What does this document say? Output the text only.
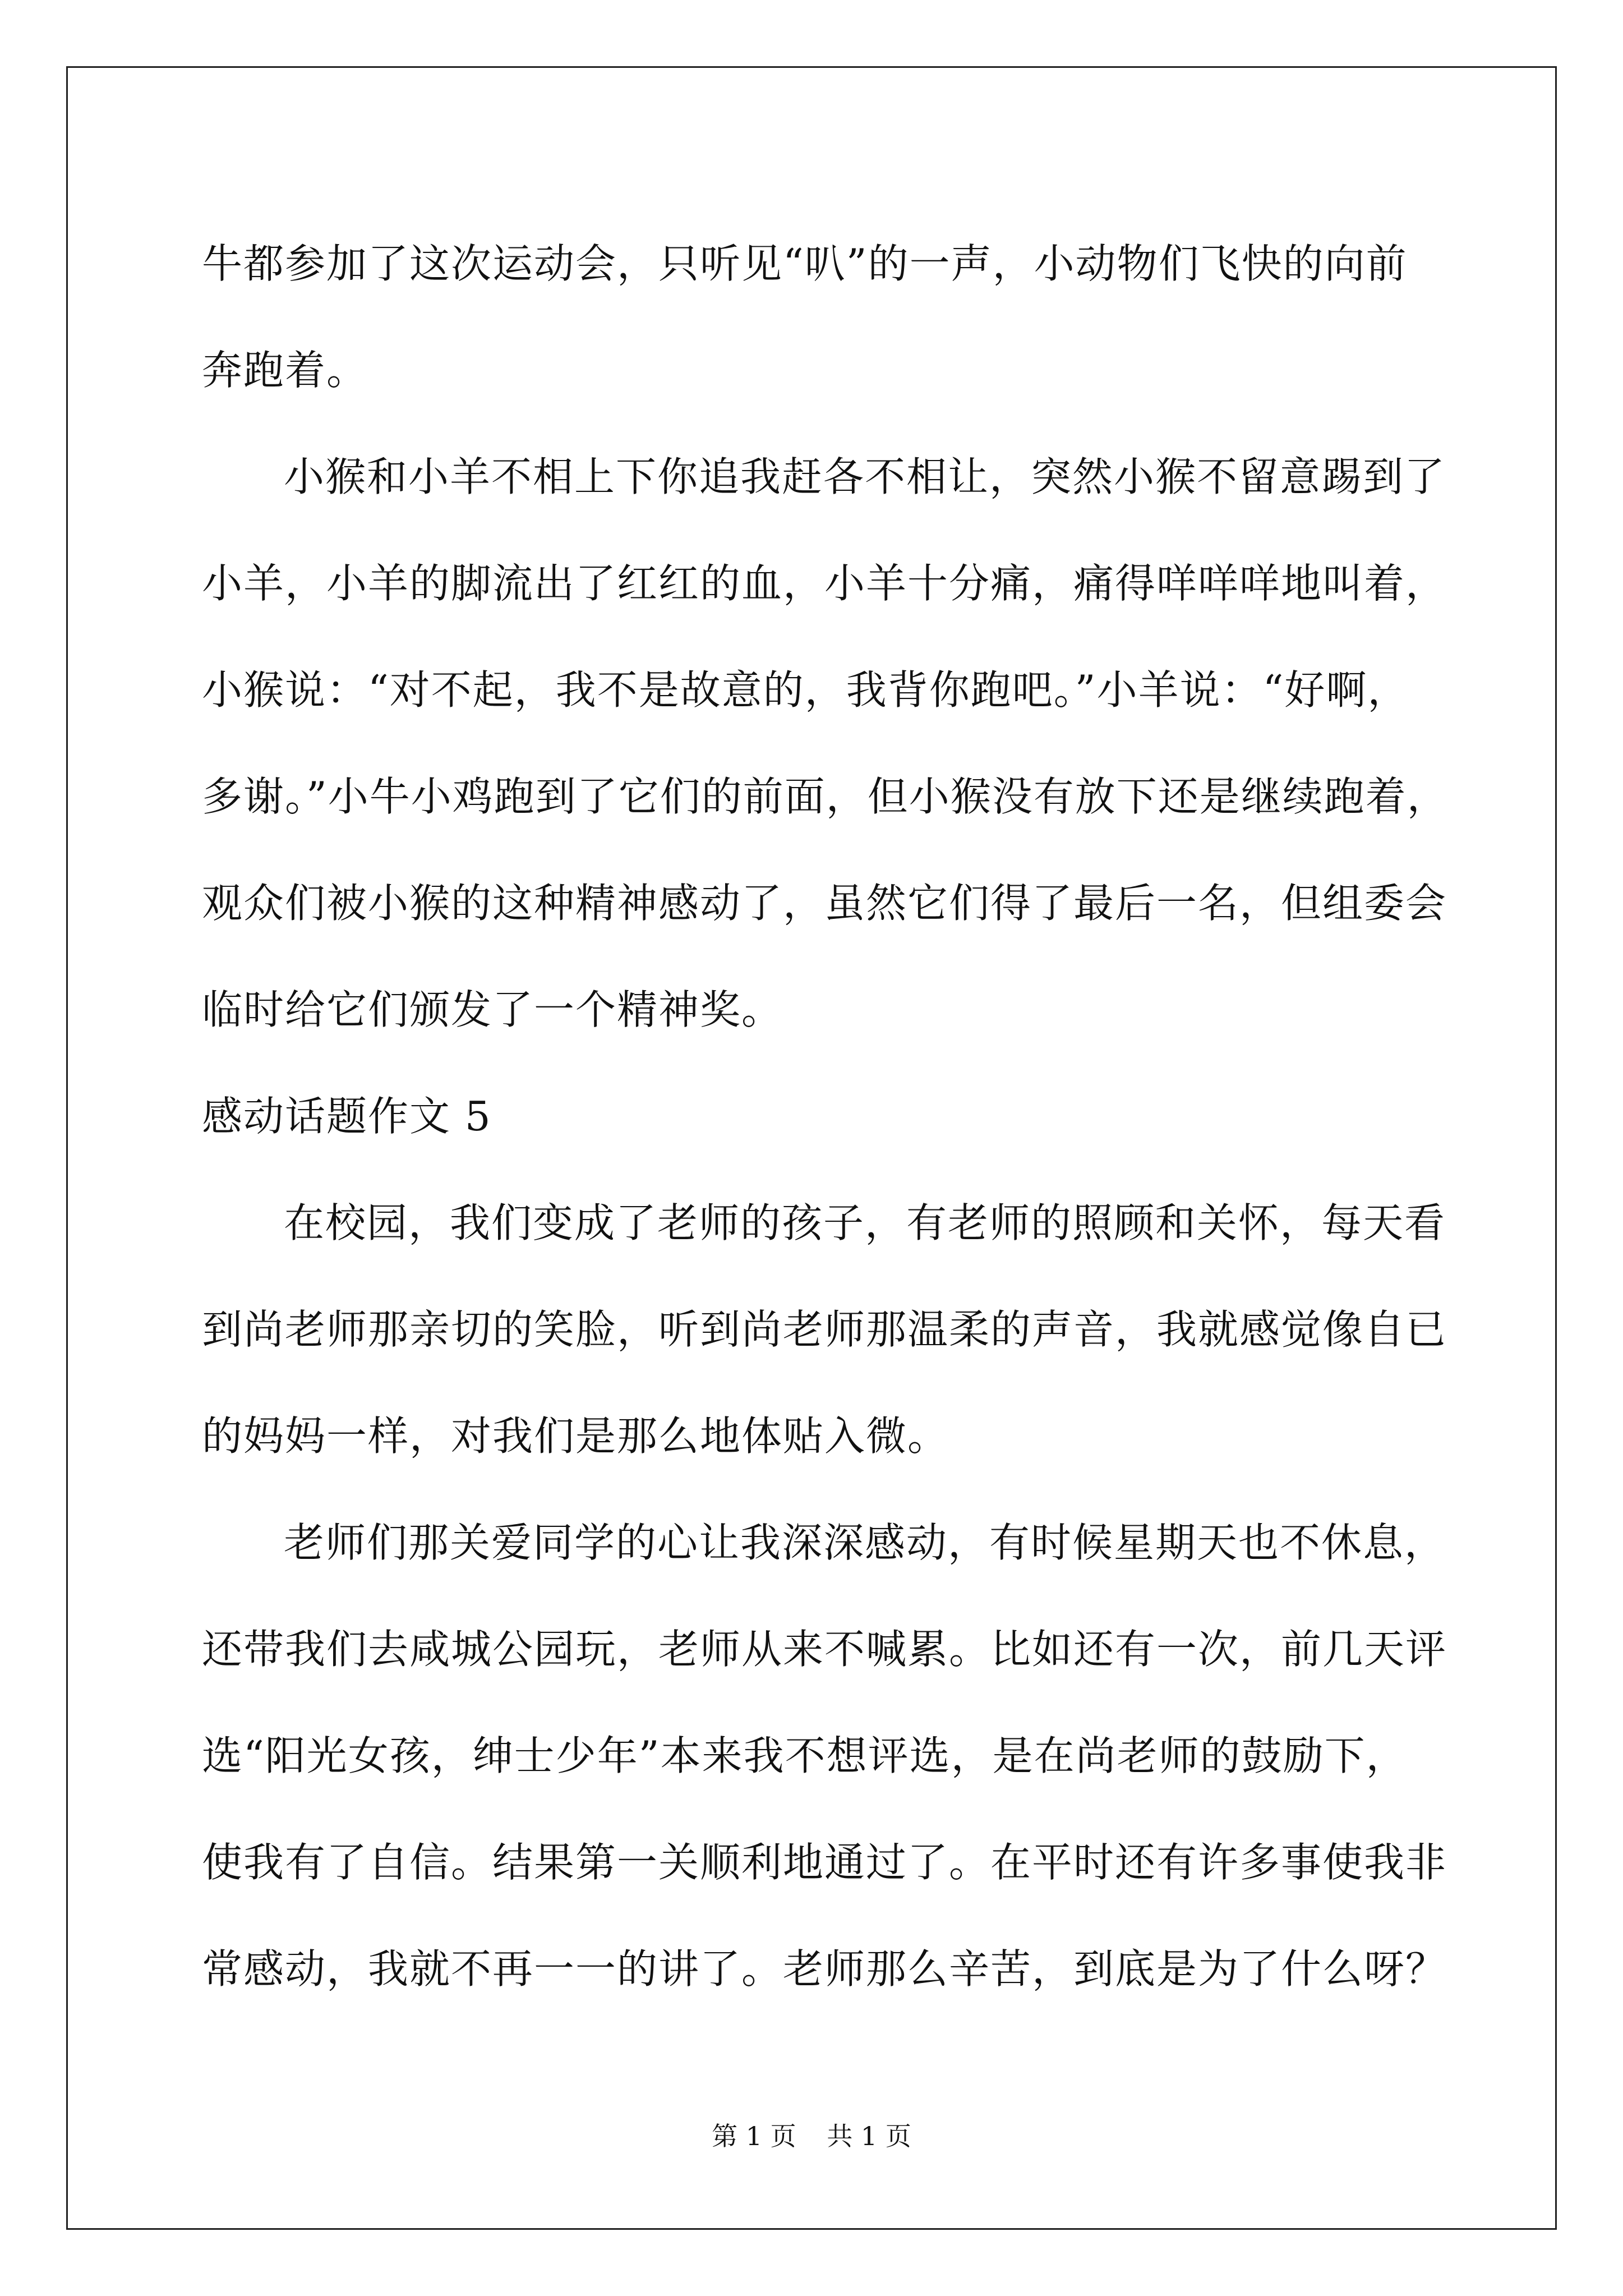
牛都参加了这次运动会，只听见“叭”的一声，小动物们飞快的向前
奔跑着。
小猴和小羊不相上下你追我赶各不相让，突然小猴不留意踢到了
小羊，小羊的脚流出了红红的血，小羊十分痛，痛得咩咩咩地叫着，
小猴说：“对不起，我不是故意的，我背你跑吧。”小羊说：“好啊，
多谢。”小牛小鸡跑到了它们的前面，但小猴没有放下还是继续跑着，
观众们被小猴的这种精神感动了，虽然它们得了最后一名，但组委会
临时给它们颁发了一个精神奖。
感动话题作文 5
在校园，我们变成了老师的孩子，有老师的照顾和关怀，每天看
到尚老师那亲切的笑脸，听到尚老师那温柔的声音，我就感觉像自已
的妈妈一样，对我们是那么地体贴入微。
老师们那关爱同学的心让我深深感动，有时候星期天也不休息，
还带我们去咸城公园玩，老师从来不喊累。比如还有一次，前几天评
选“阳光女孩，绅士少年”本来我不想评选，是在尚老师的鼓励下，
使我有了自信。结果第一关顺利地通过了。在平时还有许多事使我非
常感动，我就不再一一的讲了。老师那么辛苦，到底是为了什么呀？
第 1 页 共 1 页
